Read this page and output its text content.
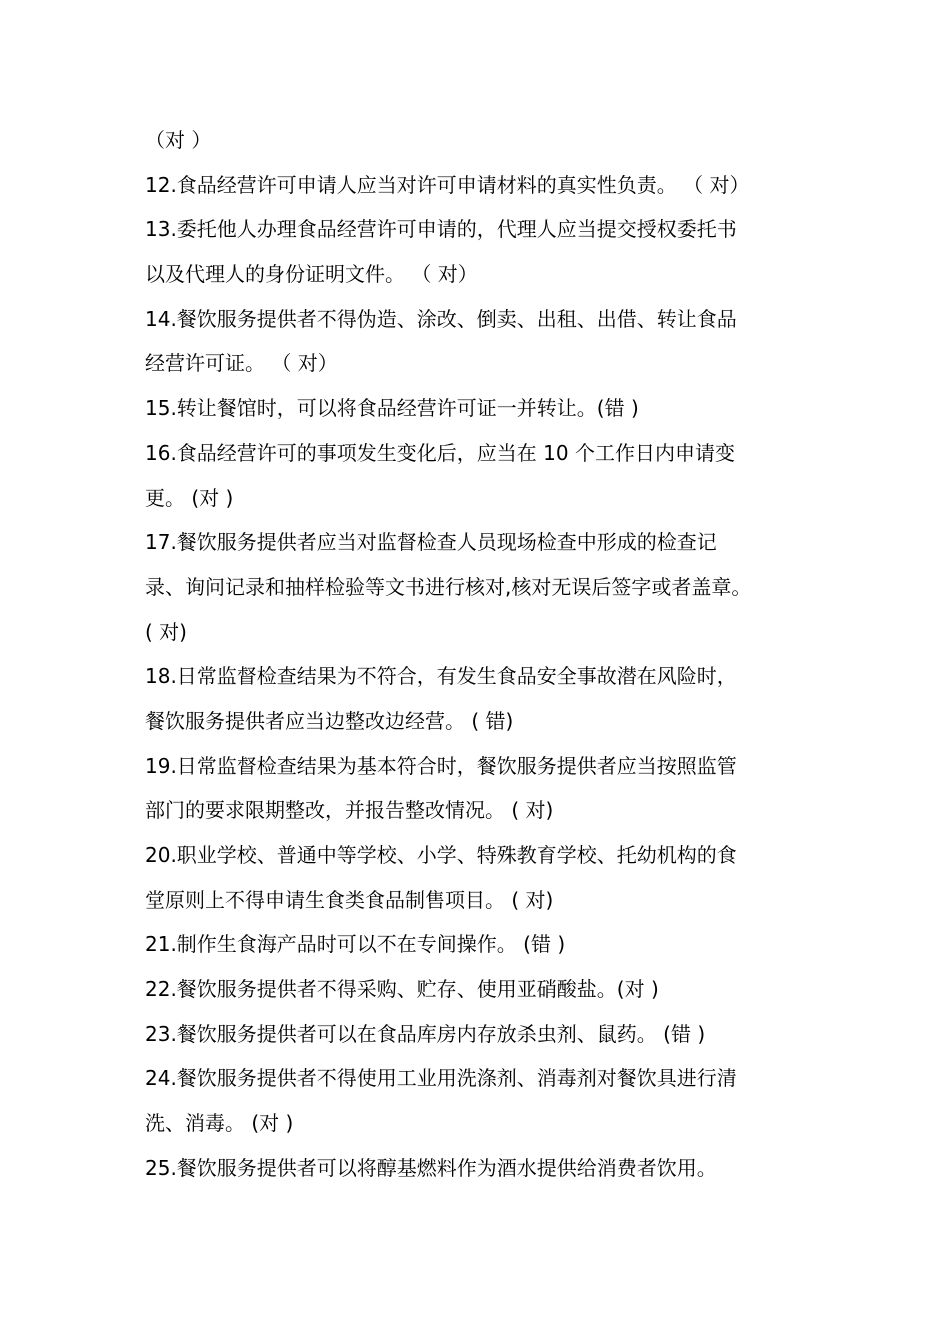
（对 ）
12.食品经营许可申请人应当对许可申请材料的真实性负责。 （ 对）
13.委托他人办理食品经营许可申请的，代理人应当提交授权委托书
以及代理人的身份证明文件。 （ 对）
14.餐饮服务提供者不得伪造、涂改、倒卖、出租、出借、转让食品
经营许可证。 （ 对）
15.转让餐馆时，可以将食品经营许可证一并转让。(错 )
16.食品经营许可的事项发生变化后，应当在 10 个工作日内申请变
更。 (对 )
17.餐饮服务提供者应当对监督检查人员现场检查中形成的检查记
录、询问记录和抽样检验等文书进行核对,核对无误后签字或者盖章。
( 对)
18.日常监督检查结果为不符合，有发生食品安全事故潜在风险时，
餐饮服务提供者应当边整改边经营。 ( 错)
19.日常监督检查结果为基本符合时，餐饮服务提供者应当按照监管
部门的要求限期整改，并报告整改情况。 ( 对)
20.职业学校、普通中等学校、小学、特殊教育学校、托幼机构的食
堂原则上不得申请生食类食品制售项目。 ( 对)
21.制作生食海产品时可以不在专间操作。 (错 )
22.餐饮服务提供者不得采购、贮存、使用亚硝酸盐。(对 )
23.餐饮服务提供者可以在食品库房内存放杀虫剂、鼠药。 (错 )
24.餐饮服务提供者不得使用工业用洗涤剂、消毒剂对餐饮具进行清
洗、消毒。 (对 )
25.餐饮服务提供者可以将醇基燃料作为酒水提供给消费者饮用。
